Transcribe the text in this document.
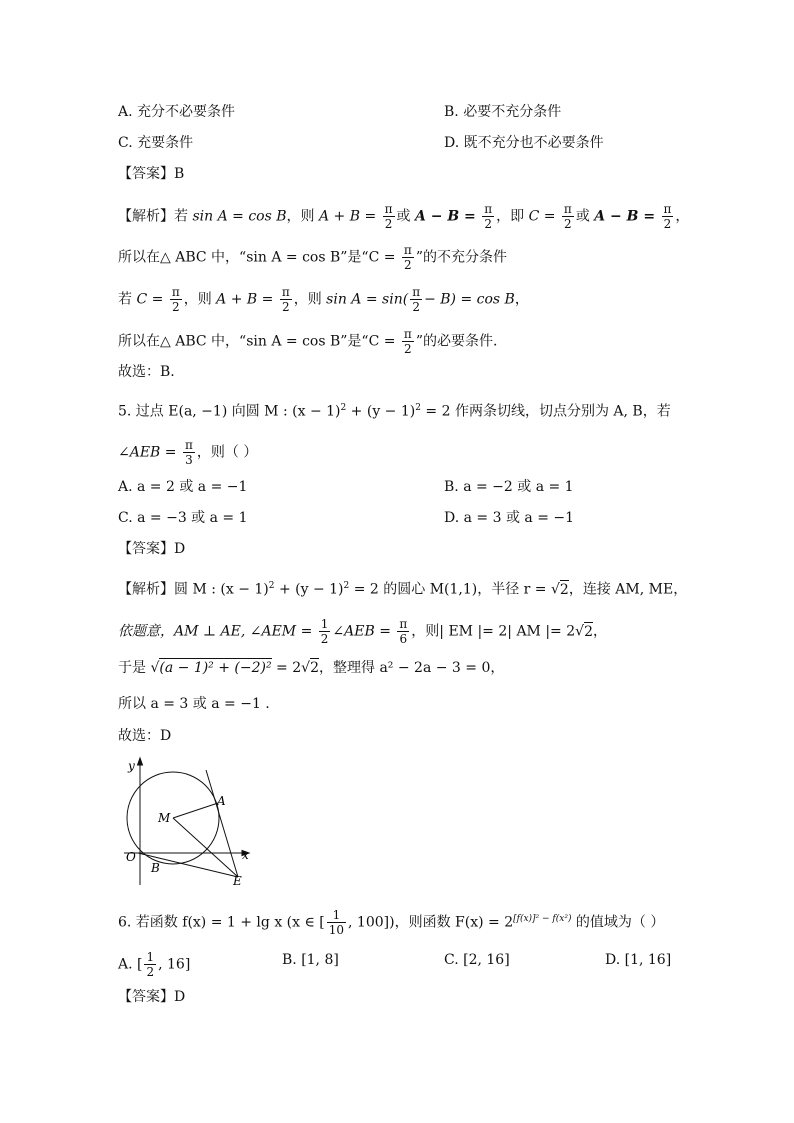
A. 充分不必要条件	B. 必要不充分条件
C. 充要条件	D. 既不充分也不必要条件
【答案】B
【解析】若 sin A = cos B，则 $A + B = \frac{\pi}{2}$ 或 $A - B = \frac{\pi}{2}$ ，即 $C = \frac{\pi}{2}$ 或 $A - B = \frac{\pi}{2}$ ，
所以在△ ABC 中，“sin A = cos B”是“$C = \frac{\pi}{2}$ ”的不充分条件
若 $C = \frac{\pi}{2}$ ，则 $A + B = \frac{\pi}{2}$ ，则 $\sin A = \sin( \frac{\pi}{2} - B) = \cos B$，
所以在△ ABC 中，“sin A = cos B”是“$C = \frac{\pi}{2}$ ”的必要条件.
故选：B.
5. 过点 E(a, −1) 向圆 M : $(x - 1)^2 + (y - 1)^2 = 2$ 作两条切线，切点分别为 A, B，若
∠AEB = $\frac{\pi}{3}$ ，则（ ）
A. a = 2 或 a = −1	B. a = −2 或 a = 1
C. a = −3 或 a = 1	D. a = 3 或 a = −1
【答案】D
【解析】圆 M : $(x - 1)^2 + (y - 1)^2 = 2$ 的圆心 M(1,1)，半径 r = √2，连接 AM, ME，
依题意，AM ⊥ AE, ∠AEM = $\frac{1}{2}$ ∠AEB = $\frac{\pi}{6}$ ，则| EM |= 2| AM |= 2√2，
于是 √(a − 1)² + (−2)² = 2√2，整理得 a² − 2a − 3 = 0，
所以 a = 3 或 a = −1 .
故选：D
y
x
O
M
A
B
E
6. 若函数 f(x) = 1 + lg x (x ∈ [ $\frac{1}{10}$ , 100])，则函数 $F(x) = 2^{[f(x)]^2 - f(x^2)}$ 的值域为（ ）
A. [ $\frac{1}{2}$ , 16]	B. [1, 8]	C. [2, 16]	D. [1, 16]
【答案】D
